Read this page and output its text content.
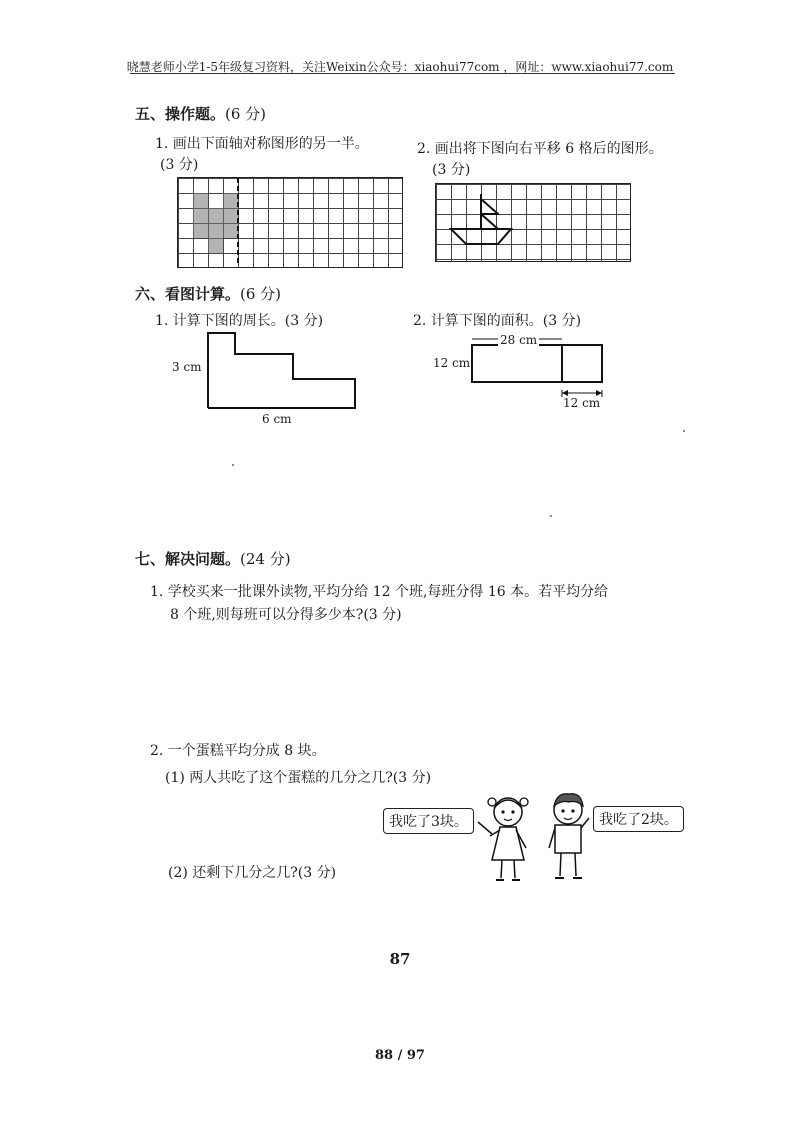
晓慧老师小学1-5年级复习资料，关注Weixin公众号：xiaohui77com ，网址：www.xiaohui77.com
五、操作题。(6 分)
1. 画出下面轴对称图形的另一半。
(3 分)
2. 画出将下图向右平移 6 格后的图形。
(3 分)
六、看图计算。(6 分)
1. 计算下图的周长。(3 分)	2. 计算下图的面积。(3 分)
3 cm
6 cm
28 cm
12 cm
12 cm
七、解决问题。(24 分)
1. 学校买来一批课外读物,平均分给 12 个班,每班分得 16 本。若平均分给
8 个班,则每班可以分得多少本?(3 分)
2. 一个蛋糕平均分成 8 块。
(1) 两人共吃了这个蛋糕的几分之几?(3 分)
(2) 还剩下几分之几?(3 分)
我吃了3块。	我吃了2块。
87
88 / 97
